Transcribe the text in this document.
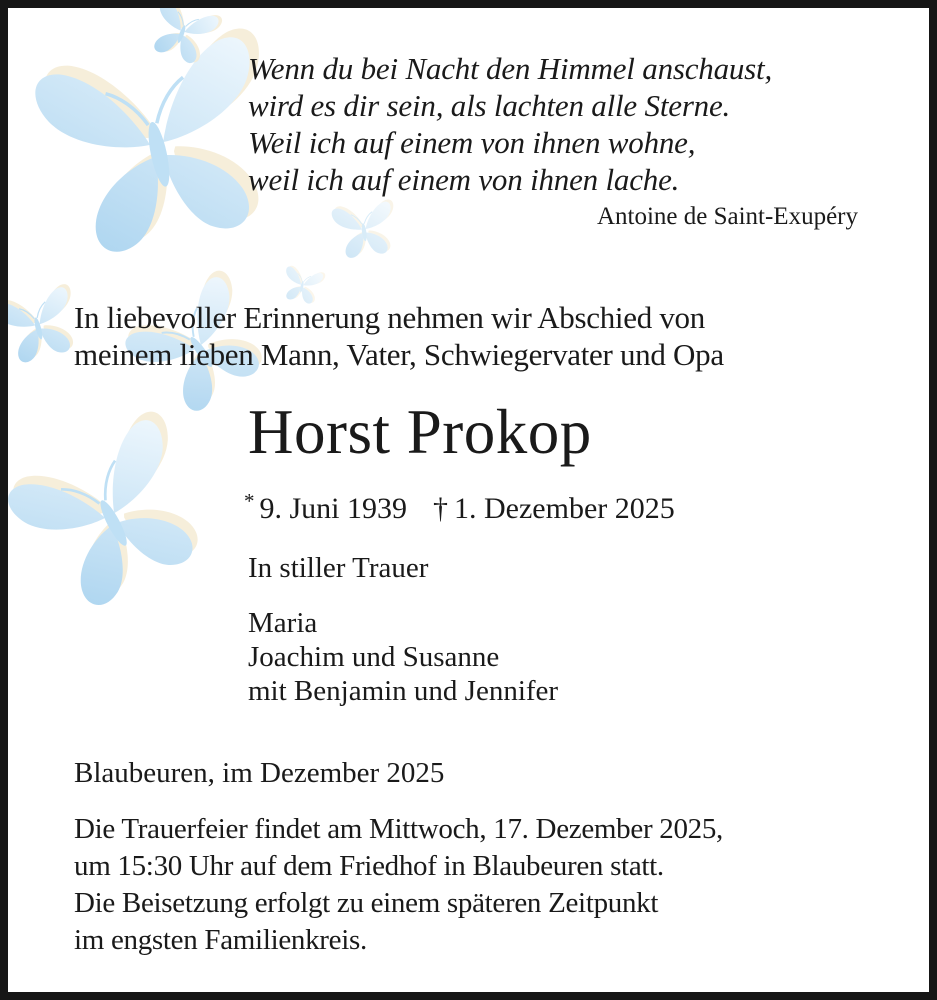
Wenn du bei Nacht den Himmel anschaust,
wird es dir sein, als lachten alle Sterne.
Weil ich auf einem von ihnen wohne,
weil ich auf einem von ihnen lache.
Antoine de Saint-Exupéry
In liebevoller Erinnerung nehmen wir Abschied von
meinem lieben Mann, Vater, Schwiegervater und Opa
Horst Prokop
* 9. Juni 1939 † 1. Dezember 2025
In stiller Trauer
Maria
Joachim und Susanne
mit Benjamin und Jennifer
Blaubeuren, im Dezember 2025
Die Trauerfeier findet am Mittwoch, 17. Dezember 2025,
um 15:30 Uhr auf dem Friedhof in Blaubeuren statt.
Die Beisetzung erfolgt zu einem späteren Zeitpunkt
im engsten Familienkreis.
